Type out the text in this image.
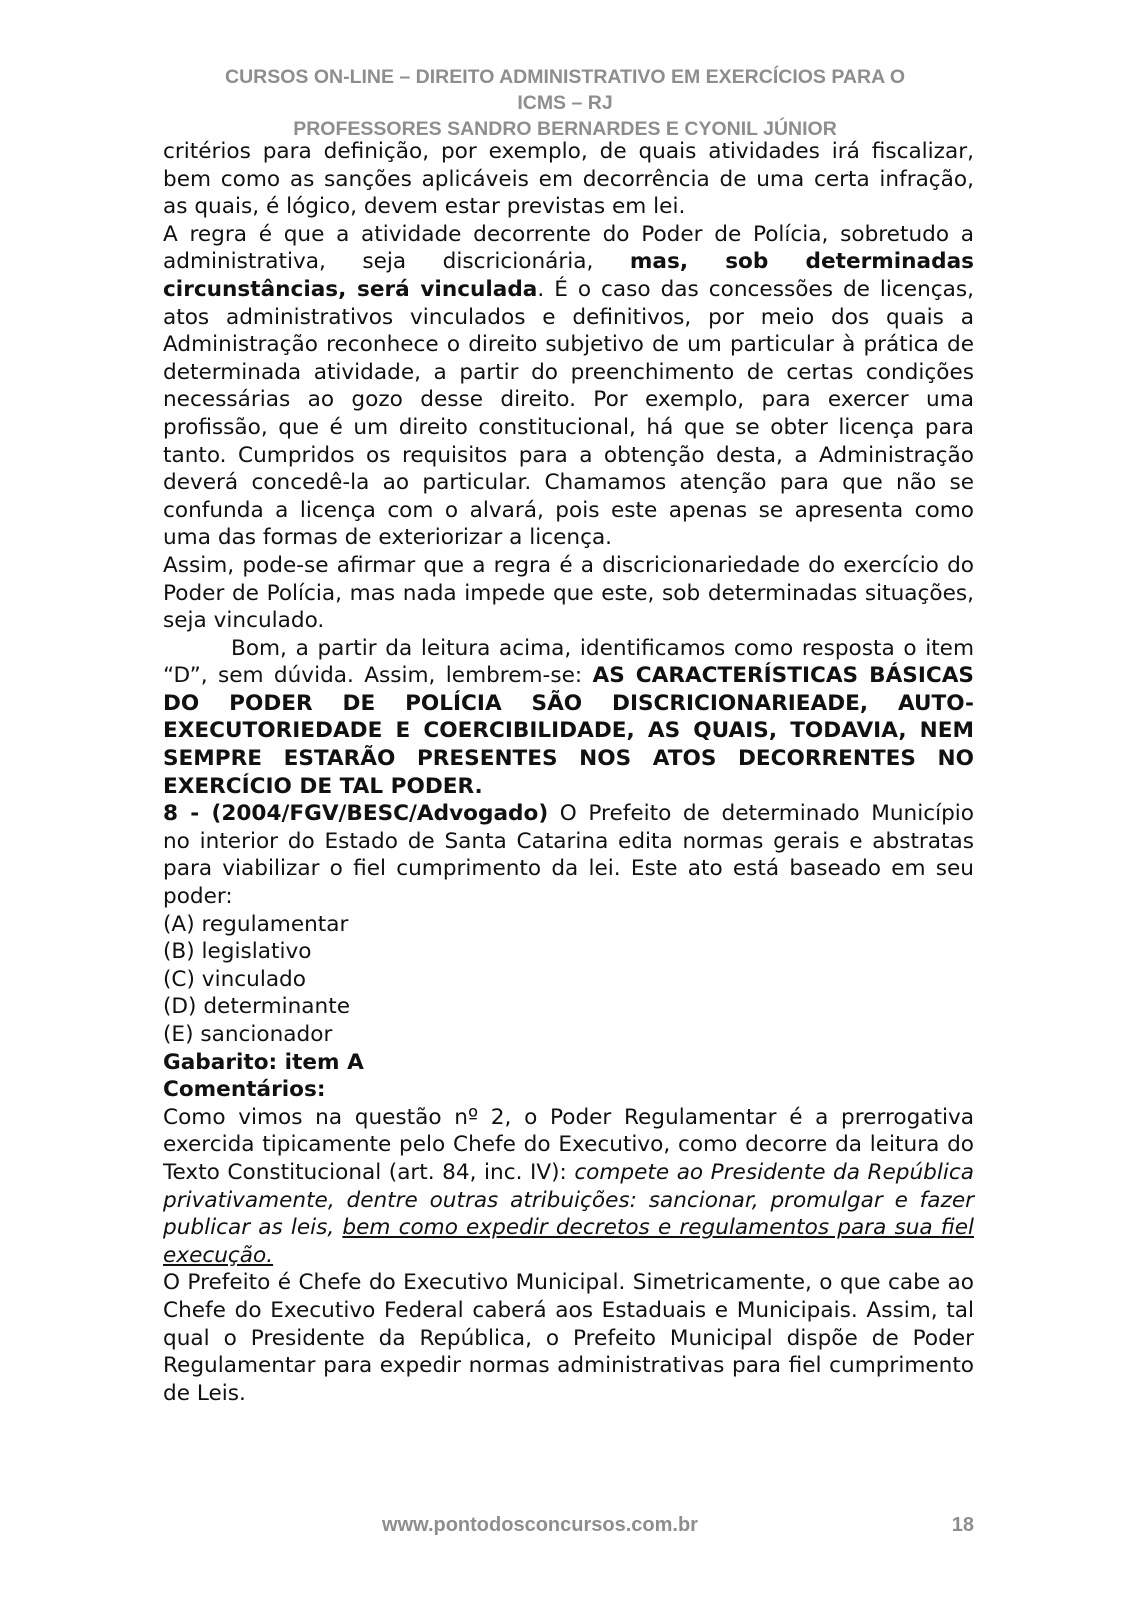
CURSOS ON-LINE – DIREITO ADMINISTRATIVO EM EXERCÍCIOS PARA O
ICMS – RJ
PROFESSORES SANDRO BERNARDES E CYONIL JÚNIOR

critérios para definição, por exemplo, de quais atividades irá fiscalizar, bem como as sanções aplicáveis em decorrência de uma certa infração, as quais, é lógico, devem estar previstas em lei.

A regra é que a atividade decorrente do Poder de Polícia, sobretudo a administrativa, seja discricionária, mas, sob determinadas circunstâncias, será vinculada. É o caso das concessões de licenças, atos administrativos vinculados e definitivos, por meio dos quais a Administração reconhece o direito subjetivo de um particular à prática de determinada atividade, a partir do preenchimento de certas condições necessárias ao gozo desse direito. Por exemplo, para exercer uma profissão, que é um direito constitucional, há que se obter licença para tanto. Cumpridos os requisitos para a obtenção desta, a Administração deverá concedê-la ao particular. Chamamos atenção para que não se confunda a licença com o alvará, pois este apenas se apresenta como uma das formas de exteriorizar a licença.

Assim, pode-se afirmar que a regra é a discricionariedade do exercício do Poder de Polícia, mas nada impede que este, sob determinadas situações, seja vinculado.

Bom, a partir da leitura acima, identificamos como resposta o item “D”, sem dúvida. Assim, lembrem-se: AS CARACTERÍSTICAS BÁSICAS DO PODER DE POLÍCIA SÃO DISCRICIONARIEADE, AUTO-EXECUTORIEDADE E COERCIBILIDADE, AS QUAIS, TODAVIA, NEM SEMPRE ESTARÃO PRESENTES NOS ATOS DECORRENTES NO EXERCÍCIO DE TAL PODER.

8 - (2004/FGV/BESC/Advogado) O Prefeito de determinado Município no interior do Estado de Santa Catarina edita normas gerais e abstratas para viabilizar o fiel cumprimento da lei. Este ato está baseado em seu poder:

(A) regulamentar

(B) legislativo

(C) vinculado

(D) determinante

(E) sancionador

Gabarito: item A

Comentários:

Como vimos na questão nº 2, o Poder Regulamentar é a prerrogativa exercida tipicamente pelo Chefe do Executivo, como decorre da leitura do Texto Constitucional (art. 84, inc. IV): compete ao Presidente da República privativamente, dentre outras atribuições: sancionar, promulgar e fazer publicar as leis, bem como expedir decretos e regulamentos para sua fiel execução.

O Prefeito é Chefe do Executivo Municipal. Simetricamente, o que cabe ao Chefe do Executivo Federal caberá aos Estaduais e Municipais. Assim, tal qual o Presidente da República, o Prefeito Municipal dispõe de Poder Regulamentar para expedir normas administrativas para fiel cumprimento de Leis.

www.pontodosconcursos.com.br	18
